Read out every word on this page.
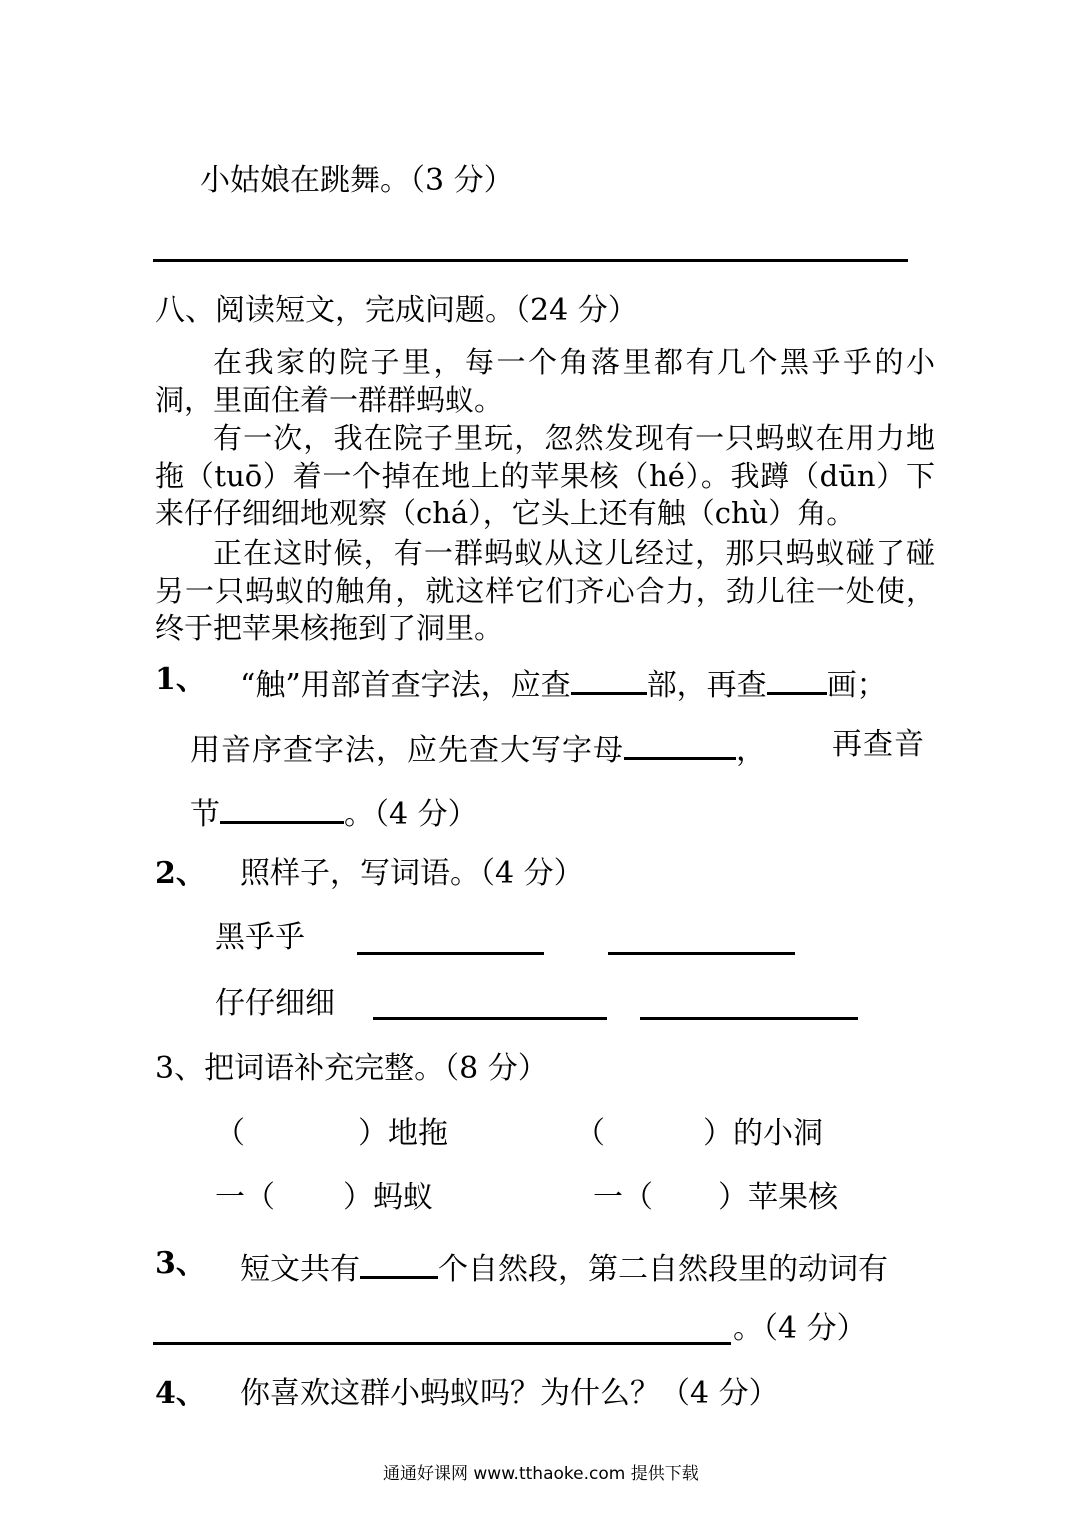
小姑娘在跳舞。（3 分）
八、阅读短文，完成问题。（24 分）
在我家的院子里，每一个角落里都有几个黑乎乎的小洞，里面住着一群群蚂蚁。
有一次，我在院子里玩，忽然发现有一只蚂蚁在用力地拖（tuō）着一个掉在地上的苹果核（hé）。我蹲（dūn）下来仔仔细细地观察（chá），它头上还有触（chù）角。
正在这时候，有一群蚂蚁从这儿经过，那只蚂蚁碰了碰另一只蚂蚁的触角，就这样它们齐心合力，劲儿往一处使，终于把苹果核拖到了洞里。
1、 “触”用部首查字法，应查	部，再查 画；
用音序查字法，应先查大写字母	， 再查音
节	。（4 分）
2、 照样子，写词语。（4 分）
黑乎乎
仔仔细细
3、把词语补充完整。（8 分）
（	）地拖	（	）的小洞
一（ ）蚂蚁	一（ ）苹果核
3、 短文共有	个自然段，第二自然段里的动词有
。（4 分）
4、 你喜欢这群小蚂蚁吗？为什么？（4 分）
通通好课网 www.tthaoke.com 提供下载
